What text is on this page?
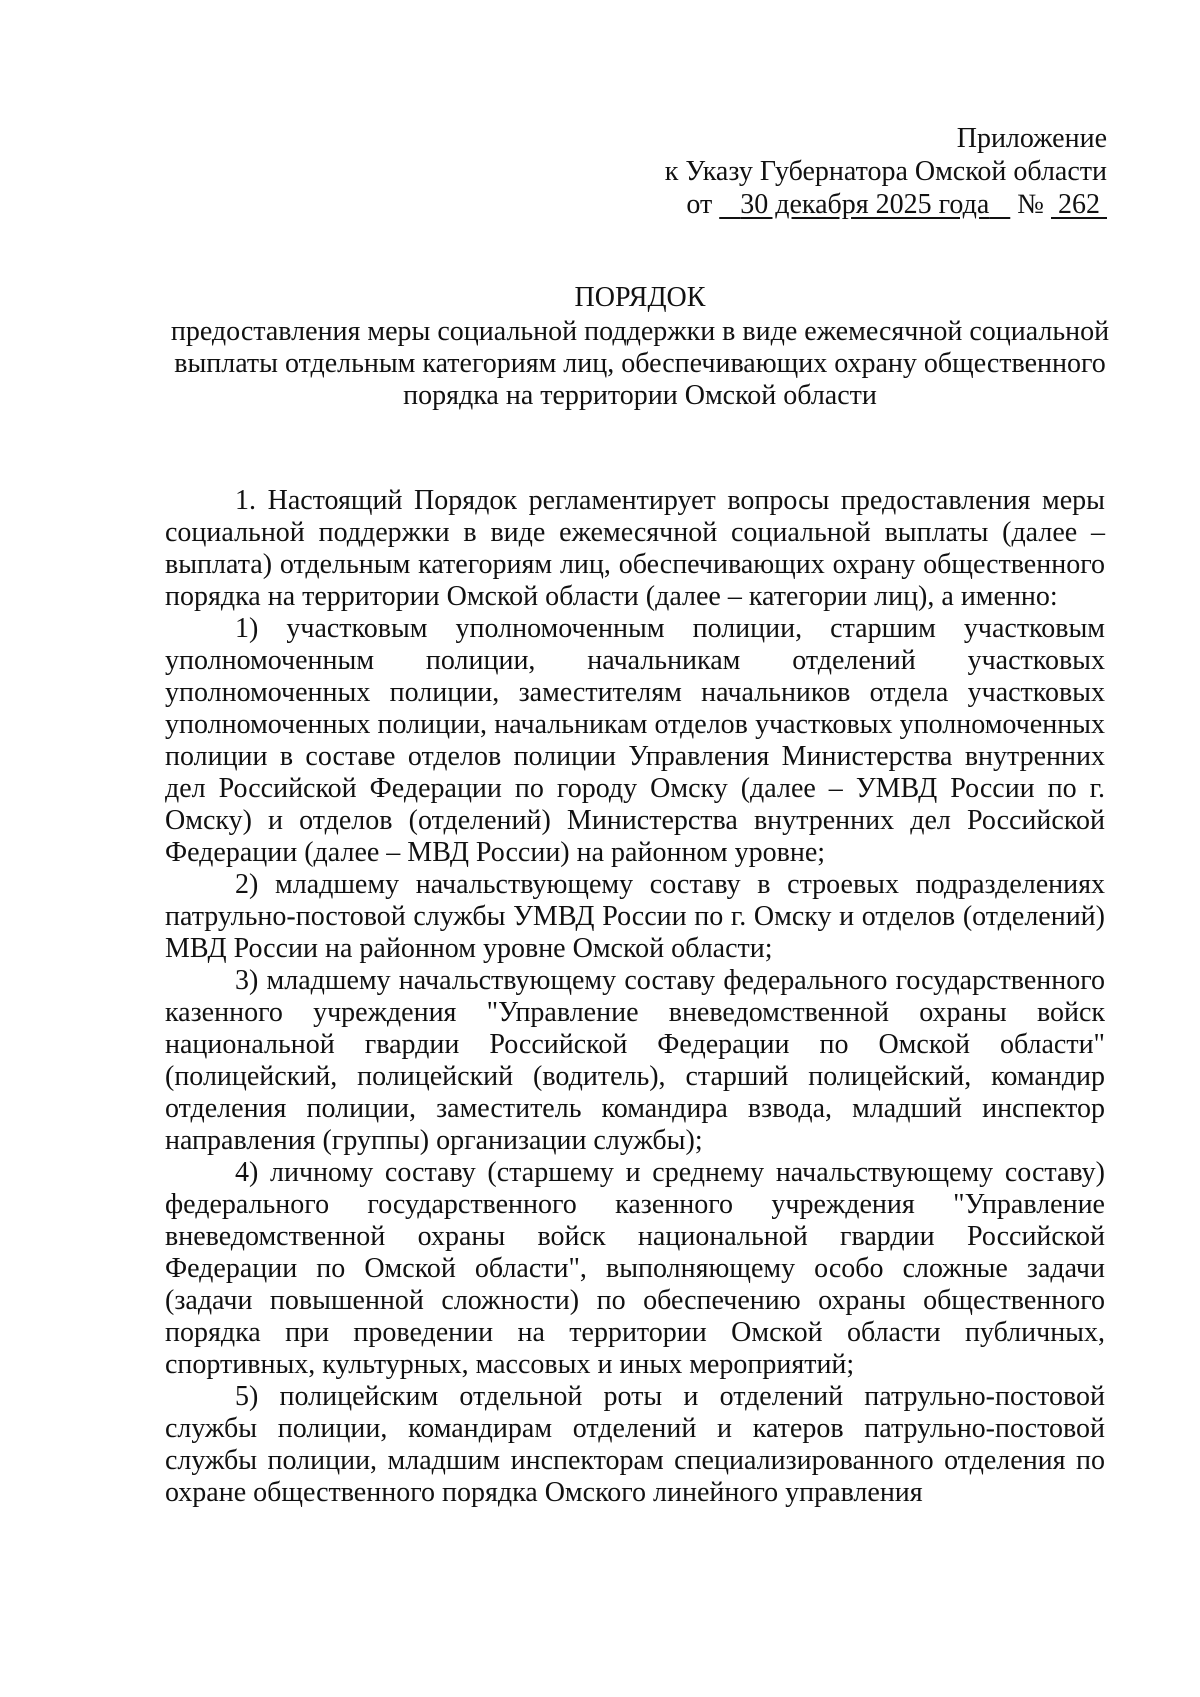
Приложение
к Указу Губернатора Омской области
от 30 декабря 2025 года № 262
ПОРЯДОК
предоставления меры социальной поддержки в виде ежемесячной социальной выплаты отдельным категориям лиц, обеспечивающих охрану общественного порядка на территории Омской области

1. Настоящий Порядок регламентирует вопросы предоставления меры социальной поддержки в виде ежемесячной социальной выплаты (далее – выплата) отдельным категориям лиц, обеспечивающих охрану общественного порядка на территории Омской области (далее – категории лиц), а именно:

1) участковым уполномоченным полиции, старшим участковым уполномоченным полиции, начальникам отделений участковых уполномоченных полиции, заместителям начальников отдела участковых уполномоченных полиции, начальникам отделов участковых уполномоченных полиции в составе отделов полиции Управления Министерства внутренних дел Российской Федерации по городу Омску (далее – УМВД России по г. Омску) и отделов (отделений) Министерства внутренних дел Российской Федерации (далее – МВД России) на районном уровне;

2) младшему начальствующему составу в строевых подразделениях патрульно-постовой службы УМВД России по г. Омску и отделов (отделений) МВД России на районном уровне Омской области;

3) младшему начальствующему составу федерального государственного казенного учреждения "Управление вневедомственной охраны войск национальной гвардии Российской Федерации по Омской области" (полицейский, полицейский (водитель), старший полицейский, командир отделения полиции, заместитель командира взвода, младший инспектор направления (группы) организации службы);

4) личному составу (старшему и среднему начальствующему составу) федерального государственного казенного учреждения "Управление вневедомственной охраны войск национальной гвардии Российской Федерации по Омской области", выполняющему особо сложные задачи (задачи повышенной сложности) по обеспечению охраны общественного порядка при проведении на территории Омской области публичных, спортивных, культурных, массовых и иных мероприятий;

5) полицейским отдельной роты и отделений патрульно-постовой службы полиции, командирам отделений и катеров патрульно-постовой службы полиции, младшим инспекторам специализированного отделения по охране общественного порядка Омского линейного управления
